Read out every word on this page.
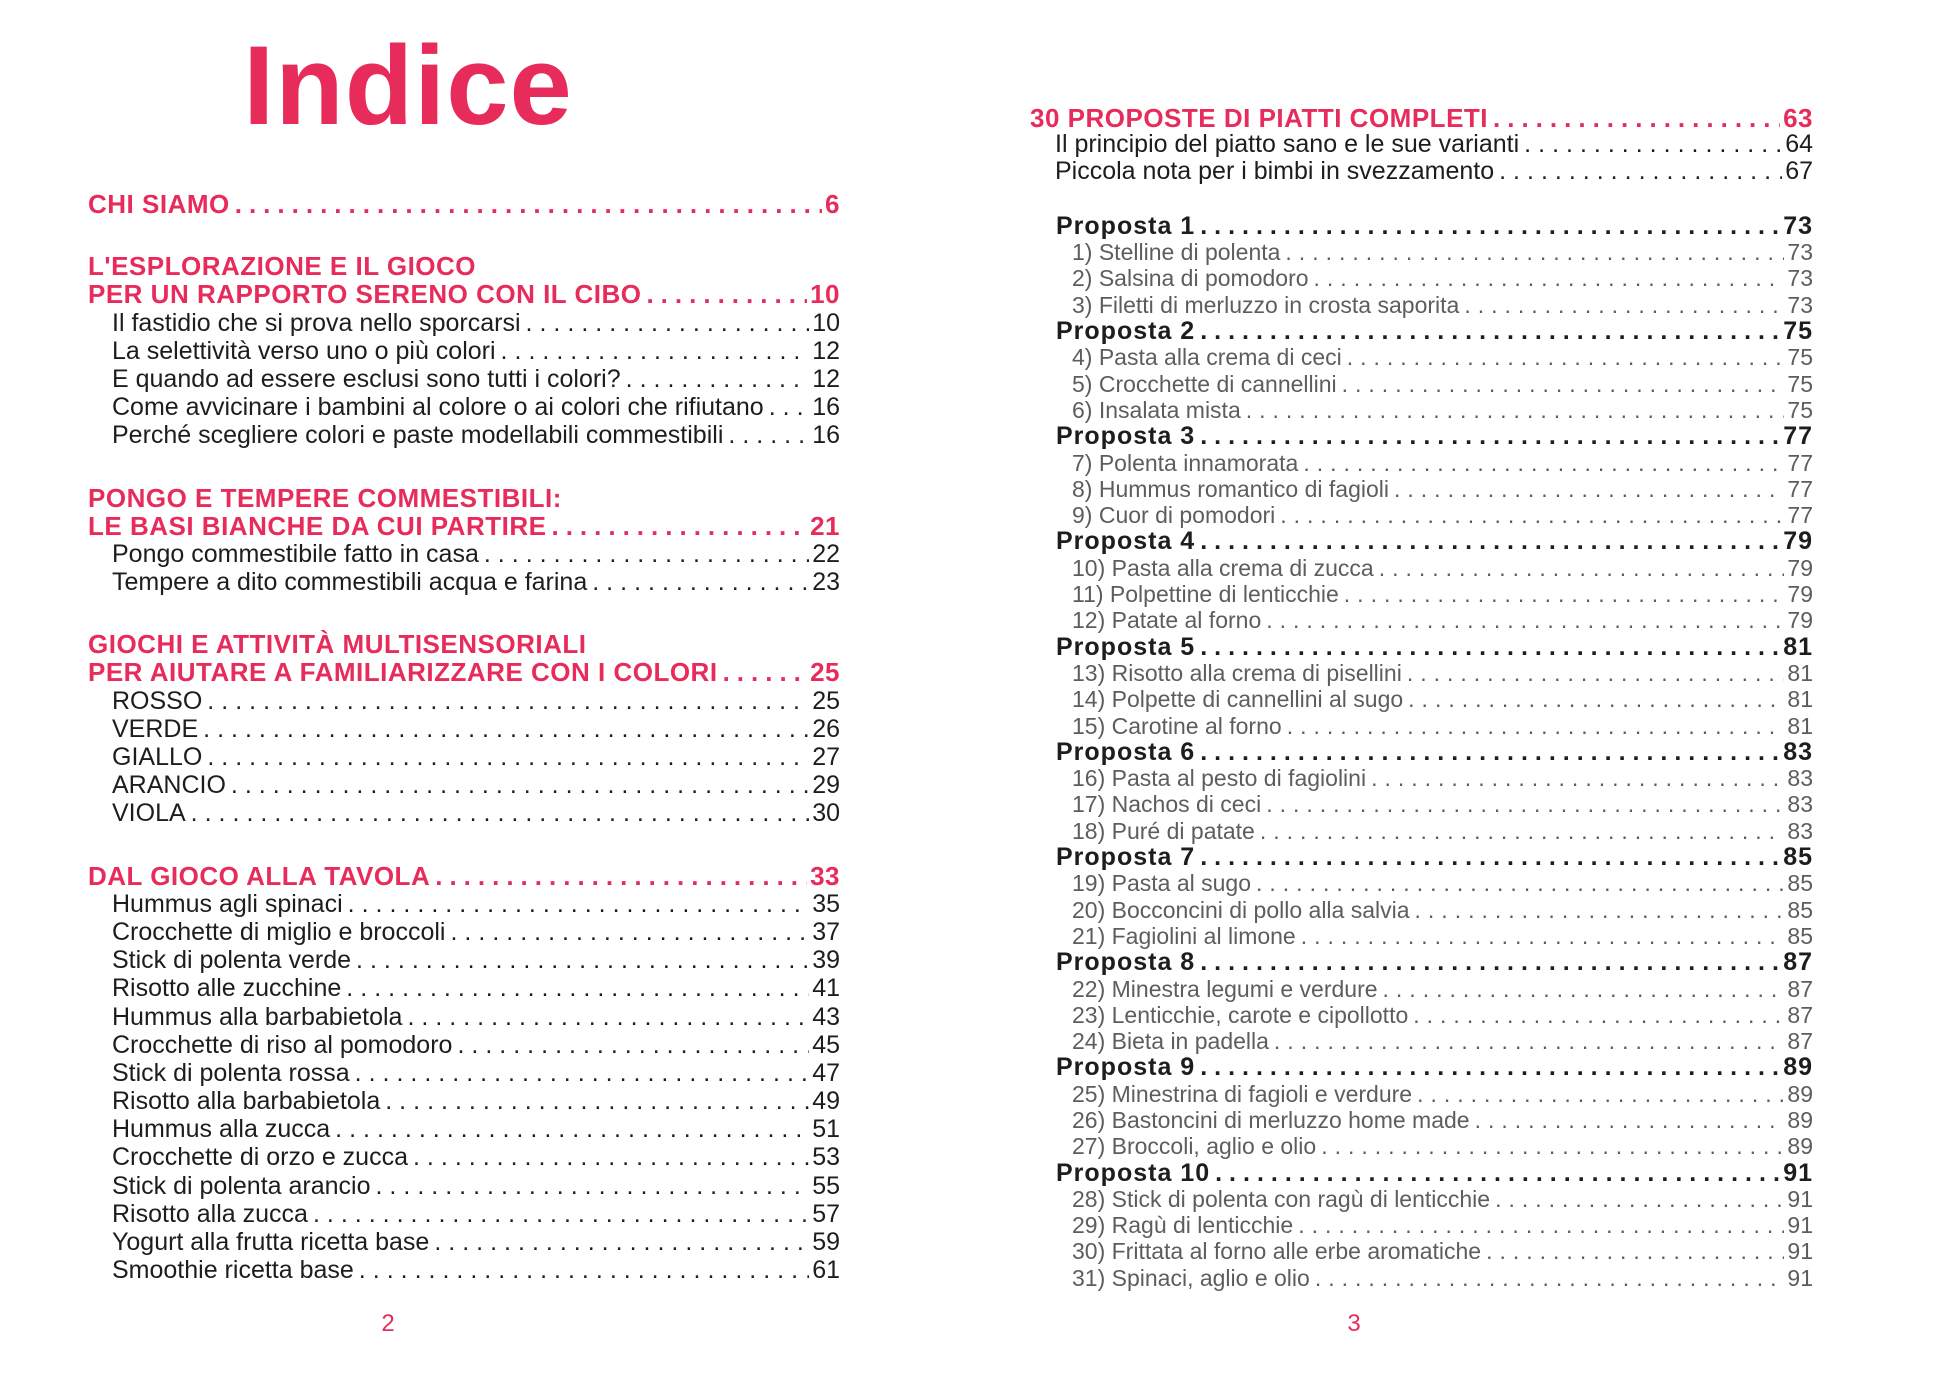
Indice
CHI SIAMO .....	6
L'ESPLORAZIONE E IL GIOCO
PER UN RAPPORTO SERENO CON IL CIBO .....	10
Il fastidio che si prova nello sporcarsi .....	10
La selettività verso uno o più colori .....	12
E quando ad essere esclusi sono tutti i colori? .....	12
Come avvicinare i bambini al colore o ai colori che rifiutano ..... 16
Perché scegliere colori e paste modellabili commestibili .....	16
PONGO E TEMPERE COMMESTIBILI:
LE BASI BIANCHE DA CUI PARTIRE .....	21
Pongo commestibile fatto in casa .....	22
Tempere a dito commestibili acqua e farina .....	23
GIOCHI E ATTIVITÀ MULTISENSORIALI
PER AIUTARE A FAMILIARIZZARE CON I COLORI .....	25
ROSSO .....	25
VERDE .....	26
GIALLO .....	27
ARANCIO .....	29
VIOLA .....	30
DAL GIOCO ALLA TAVOLA .....	33
Hummus agli spinaci .....	35
Crocchette di miglio e broccoli .....	37
Stick di polenta verde .....	39
Risotto alle zucchine .....	41
Hummus alla barbabietola .....	43
Crocchette di riso al pomodoro .....	45
Stick di polenta rossa .....	47
Risotto alla barbabietola .....	49
Hummus alla zucca .....	51
Crocchette di orzo e zucca .....	53
Stick di polenta arancio .....	55
Risotto alla zucca .....	57
Yogurt alla frutta ricetta base .....	59
Smoothie ricetta base .....	61
30 PROPOSTE DI PIATTI COMPLETI .....	63
Il principio del piatto sano e le sue varianti .....	64
Piccola nota per i bimbi in svezzamento .....	67
Proposta 1 .....	73
1) Stelline di polenta .....	73
2) Salsina di pomodoro .....	73
3) Filetti di merluzzo in crosta saporita .....	73
Proposta 2 .....	75
4) Pasta alla crema di ceci .....	75
5) Crocchette di cannellini .....	75
6) Insalata mista .....	75
Proposta 3 .....	77
7) Polenta innamorata .....	77
8) Hummus romantico di fagioli .....	77
9) Cuor di pomodori .....	77
Proposta 4 .....	79
10) Pasta alla crema di zucca .....	79
11) Polpettine di lenticchie .....	79
12) Patate al forno .....	79
Proposta 5 .....	81
13) Risotto alla crema di pisellini .....	81
14) Polpette di cannellini al sugo .....	81
15) Carotine al forno .....	81
Proposta 6 .....	83
16) Pasta al pesto di fagiolini .....	83
17) Nachos di ceci .....	83
18) Puré di patate .....	83
Proposta 7 .....	85
19) Pasta al sugo .....	85
20) Bocconcini di pollo alla salvia .....	85
21) Fagiolini al limone .....	85
Proposta 8 .....	87
22) Minestra legumi e verdure .....	87
23) Lenticchie, carote e cipollotto .....	87
24) Bieta in padella .....	87
Proposta 9 .....	89
25) Minestrina di fagioli e verdure .....	89
26) Bastoncini di merluzzo home made .....	89
27) Broccoli, aglio e olio .....	89
Proposta 10 .....	91
28) Stick di polenta con ragù di lenticchie .....	91
29) Ragù di lenticchie .....	91
30) Frittata al forno alle erbe aromatiche .....	91
31) Spinaci, aglio e olio .....	91
2	3
